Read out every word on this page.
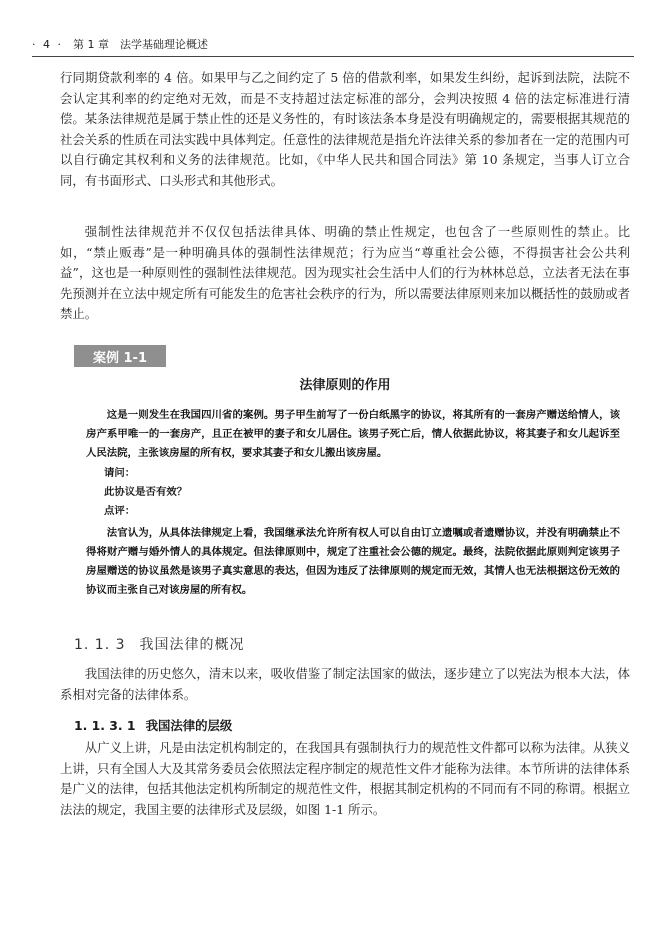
· 4 · 第 1 章　法学基础理论概述

行同期贷款利率的 4 倍。如果甲与乙之间约定了 5 倍的借款利率，如果发生纠纷，起诉到法院，法院不会认定其利率的约定绝对无效，而是不支持超过法定标准的部分，会判决按照 4 倍的法定标准进行清偿。某条法律规范是属于禁止性的还是义务性的，有时该法条本身是没有明确规定的，需要根据其规范的社会关系的性质在司法实践中具体判定。任意性的法律规范是指允许法律关系的参加者在一定的范围内可以自行确定其权利和义务的法律规范。比如，《中华人民共和国合同法》第 10 条规定，当事人订立合同，有书面形式、口头形式和其他形式。

强制性法律规范并不仅仅包括法律具体、明确的禁止性规定，也包含了一些原则性的禁止。比如，“禁止贩毒”是一种明确具体的强制性法律规范；行为应当“尊重社会公德，不得损害社会公共利益”，这也是一种原则性的强制性法律规范。因为现实社会生活中人们的行为林林总总，立法者无法在事先预测并在立法中规定所有可能发生的危害社会秩序的行为，所以需要法律原则来加以概括性的鼓励或者禁止。

案例 1-1
法律原则的作用

这是一则发生在我国四川省的案例。男子甲生前写了一份白纸黑字的协议，将其所有的一套房产赠送给情人，该房产系甲唯一的一套房产，且正在被甲的妻子和女儿居住。该男子死亡后，情人依据此协议，将其妻子和女儿起诉至人民法院，主张该房屋的所有权，要求其妻子和女儿搬出该房屋。

请问：
此协议是否有效？
点评：

法官认为，从具体法律规定上看，我国继承法允许所有权人可以自由订立遗嘱或者遗赠协议，并没有明确禁止不得将财产赠与婚外情人的具体规定。但法律原则中，规定了注重社会公德的规定。最终，法院依据此原则判定该男子房屋赠送的协议虽然是该男子真实意思的表达，但因为违反了法律原则的规定而无效，其情人也无法根据这份无效的协议而主张自己对该房屋的所有权。

1. 1. 3 我国法律的概况

我国法律的历史悠久，清末以来，吸收借鉴了制定法国家的做法，逐步建立了以宪法为根本大法，体系相对完备的法律体系。

1. 1. 3. 1 我国法律的层级

从广义上讲，凡是由法定机构制定的，在我国具有强制执行力的规范性文件都可以称为法律。从狭义上讲，只有全国人大及其常务委员会依照法定程序制定的规范性文件才能称为法律。本节所讲的法律体系是广义的法律，包括其他法定机构所制定的规范性文件，根据其制定机构的不同而有不同的称谓。根据立法法的规定，我国主要的法律形式及层级，如图 1-1 所示。
